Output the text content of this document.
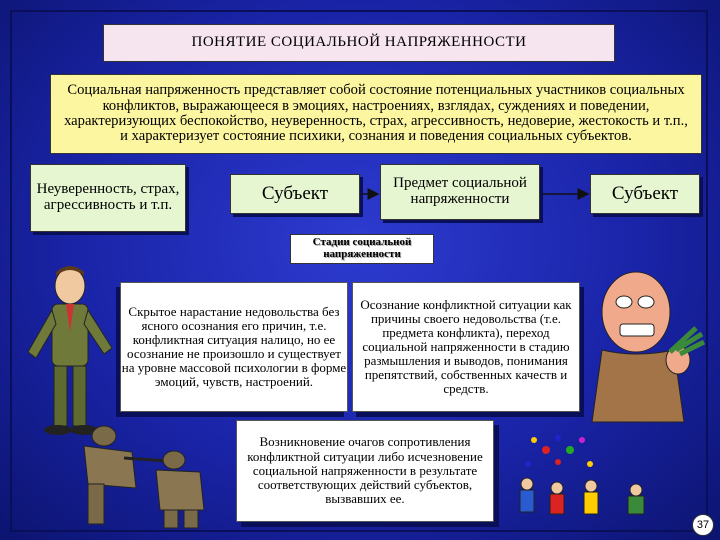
ПОНЯТИЕ СОЦИАЛЬНОЙ НАПРЯЖЕННОСТИ
Социальная напряженность представляет собой состояние потенциальных участников социальных конфликтов, выражающееся в эмоциях, настроениях, взглядах, суждениях и поведении, характеризующих беспокойство, неуверенность, страх, агрессивность, недоверие, жестокость и т.п., и характеризует состояние психики, сознания и поведения социальных субъектов.
Неуверенность, страх, агрессивность и т.п.
Субъект	Предмет социальной напряженности	Субъект
Стадии социальной напряженности
Скрытое нарастание недовольства без ясного осознания его причин, т.е. конфликтная ситуация налицо, но ее осознание не произошло и существует на уровне массовой психологии в форме эмоций, чувств, настроений.
Осознание конфликтной ситуации как причины своего недовольства (т.е. предмета конфликта), переход социальной напряженности в стадию размышления и выводов, понимания препятствий, собственных качеств и средств.
Возникновение очагов сопротивления конфликтной ситуации либо исчезновение социальной напряженности в результате соответствующих действий субъектов, вызвавших ее.
37
